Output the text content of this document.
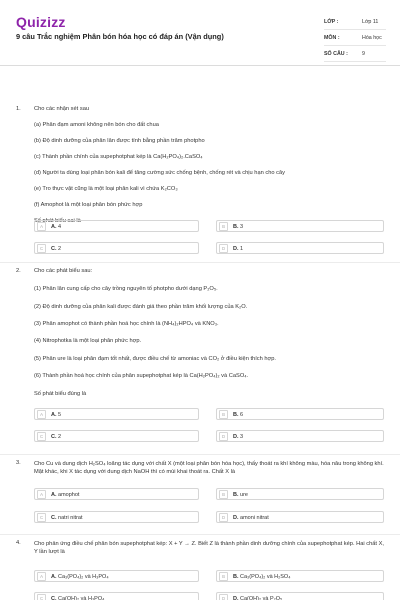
Quizizz
9 câu Trắc nghiệm Phân bón hóa học có đáp án (Vận dụng)
LỚP :	Lớp 11
MÔN :	Hóa học
SỐ CÂU :	9
1. Cho các nhận xét sau
(a) Phân đạm amoni không nên bón cho đất chua
(b) Độ dinh dưỡng của phân lân được tính bằng phần trăm photpho
(c) Thành phần chính của supephotphat kép là Ca(H₂PO₄)₂.CaSO₄
(d) Người ta dùng loại phân bón kali để tăng cường sức chống bệnh, chống rét và chịu hạn cho cây
(e) Tro thực vật cũng là một loại phân kali vì chứa K₂CO₃
(f) Amophot là một loại phân bón phức hợp
Số phát biểu sai là
A	A. 4	B	B. 3
C	C. 2	D	D. 1
2. Cho các phát biểu sau:
(1) Phân lân cung cấp cho cây trồng nguyên tố photpho dưới dạng P₂O₅.
(2) Độ dinh dưỡng của phân kali được đánh giá theo phần trăm khối lượng của K₂O.
(3) Phân amophot có thành phần hoá học chính là (NH₄)₂HPO₄ và KNO₃.
(4) Nitrophotka là một loại phân phức hợp.
(5) Phân ure là loại phân đạm tốt nhất, được điều chế từ amoniac và CO₂ ở điều kiện thích hợp.
(6) Thành phần hoá học chính của phân supephotphat kép là Ca(H₂PO₄)₂ và CaSO₄.
Số phát biểu đúng là
A	A. 5	B	B. 6
C	C. 2	D	D. 3
3. Cho Cu và dung dịch H₂SO₄ loãng tác dụng với chất X (một loại phân bón hóa học), thấy thoát ra khí không màu, hóa nâu trong không khí. Mặt khác, khi X tác dụng với dung dịch NaOH thì có mùi khai thoát ra. Chất X là
A	A. amophot	B	B. ure
C	C. natri nitrat	D	D. amoni nitrat
4. Cho phản ứng điều chế phân bón supephotphat kép: X + Y → Z. Biết Z là thành phần dinh dưỡng chính của supephotphat kép. Hai chất X, Y lần lượt là
A	A. Ca₃(PO₄)₂ và H₃PO₄	B	B. Ca₃(PO₄)₂ và H₂SO₄
C	C. Ca(OH)₂ và H₃PO₄	D	D. Ca(OH)₂ và P₂O₅
